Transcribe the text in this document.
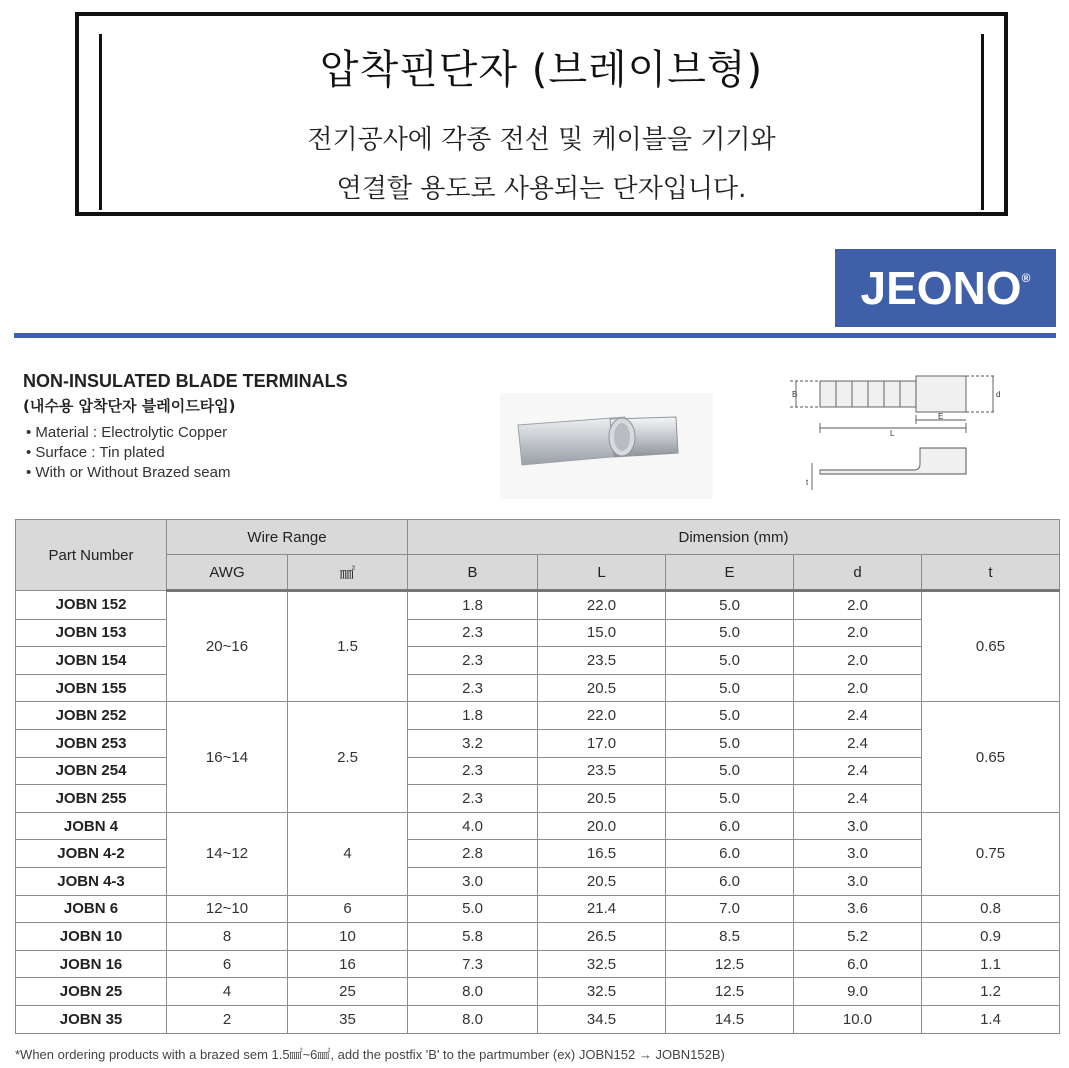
압착핀단자 (브레이브형)
전기공사에 각종 전선 및 케이블을 기기와
연결할 용도로 사용되는 단자입니다.
JEONO®
NON-INSULATED BLADE TERMINALS
(내수용 압착단자 블레이드타입)
• Material : Electrolytic Copper
• Surface : Tin plated
• With or Without Brazed seam
B	d
E
L
t
Part Number	Wire Range		Dimension (mm)				
	AWG	㎟	B	L	E	d	t
JOBN 152	20~16	1.5	1.8	22.0	5.0	2.0	0.65
JOBN 153			2.3	15.0	5.0	2.0	
JOBN 154			2.3	23.5	5.0	2.0	
JOBN 155			2.3	20.5	5.0	2.0	
JOBN 252	16~14	2.5	1.8	22.0	5.0	2.4	0.65
JOBN 253			3.2	17.0	5.0	2.4	
JOBN 254			2.3	23.5	5.0	2.4	
JOBN 255			2.3	20.5	5.0	2.4	
JOBN 4	14~12	4	4.0	20.0	6.0	3.0	0.75
JOBN 4-2			2.8	16.5	6.0	3.0	
JOBN 4-3			3.0	20.5	6.0	3.0	
JOBN 6	12~10	6	5.0	21.4	7.0	3.6	0.8
JOBN 10	8	10	5.8	26.5	8.5	5.2	0.9
JOBN 16	6	16	7.3	32.5	12.5	6.0	1.1
JOBN 25	4	25	8.0	32.5	12.5	9.0	1.2
JOBN 35	2	35	8.0	34.5	14.5	10.0	1.4
*When ordering products with a brazed sem 1.5㎟~6㎟, add the postfix 'B' to the partmumber (ex) JOBN152 → JOBN152B)
